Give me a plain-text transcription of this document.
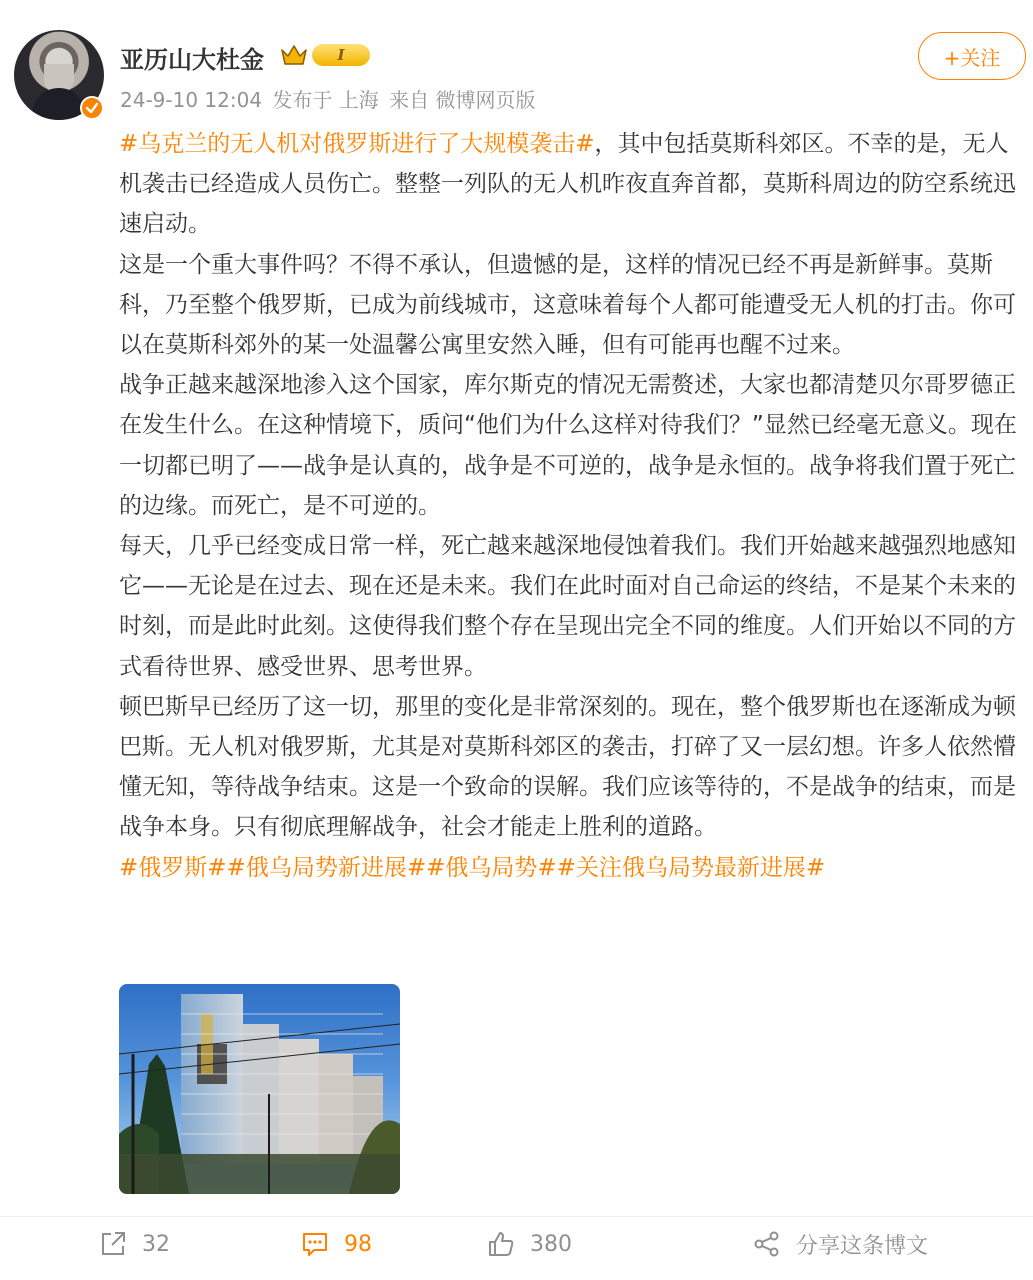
亚历山大杜金	I
24-9-10 12:04 发布于 上海 来自 微博网页版
+关注

#乌克兰的无人机对俄罗斯进行了大规模袭击#，其中包括莫斯科郊区。不幸的是，无人机袭击已经造成人员伤亡。整整一列队的无人机昨夜直奔首都，莫斯科周边的防空系统迅速启动。

这是一个重大事件吗？不得不承认，但遗憾的是，这样的情况已经不再是新鲜事。莫斯科，乃至整个俄罗斯，已成为前线城市，这意味着每个人都可能遭受无人机的打击。你可以在莫斯科郊外的某一处温馨公寓里安然入睡，但有可能再也醒不过来。

战争正越来越深地渗入这个国家，库尔斯克的情况无需赘述，大家也都清楚贝尔哥罗德正在发生什么。在这种情境下，质问“他们为什么这样对待我们？”显然已经毫无意义。现在一切都已明了——战争是认真的，战争是不可逆的，战争是永恒的。战争将我们置于死亡的边缘。而死亡，是不可逆的。

每天，几乎已经变成日常一样，死亡越来越深地侵蚀着我们。我们开始越来越强烈地感知它——无论是在过去、现在还是未来。我们在此时面对自己命运的终结，不是某个未来的时刻，而是此时此刻。这使得我们整个存在呈现出完全不同的维度。人们开始以不同的方式看待世界、感受世界、思考世界。

顿巴斯早已经历了这一切，那里的变化是非常深刻的。现在，整个俄罗斯也在逐渐成为顿巴斯。无人机对俄罗斯，尤其是对莫斯科郊区的袭击，打碎了又一层幻想。许多人依然懵懂无知，等待战争结束。这是一个致命的误解。我们应该等待的，不是战争的结束，而是战争本身。只有彻底理解战争，社会才能走上胜利的道路。

#俄罗斯##俄乌局势新进展##俄乌局势##关注俄乌局势最新进展#

32	98	380	分享这条博文
